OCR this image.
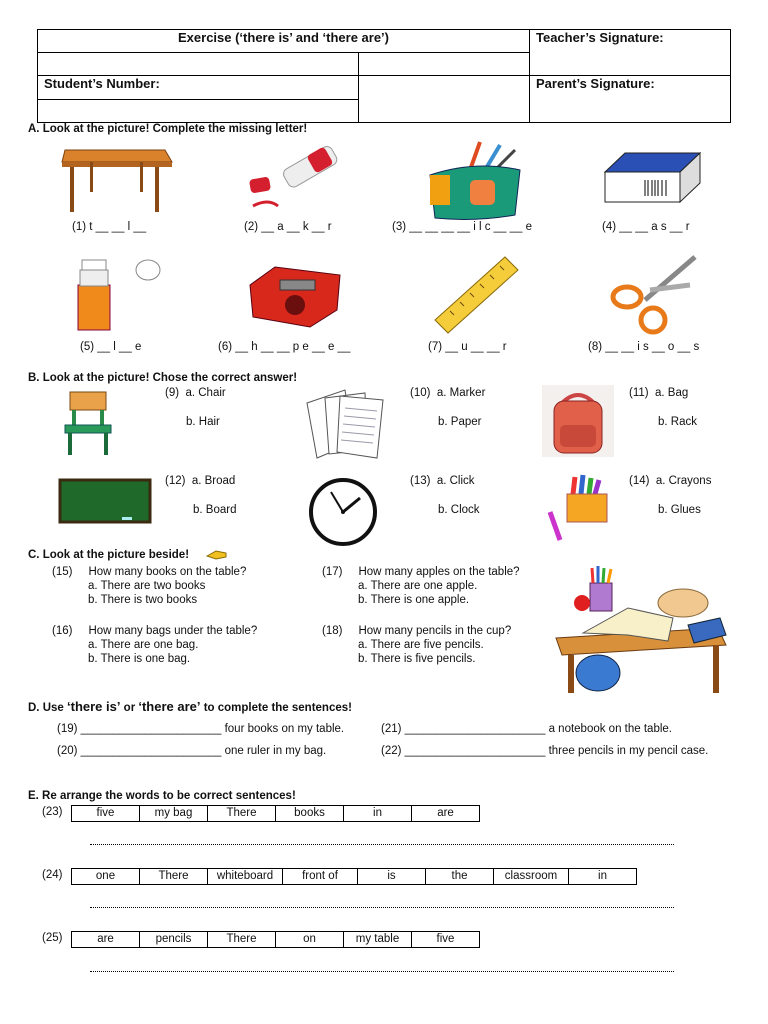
Exercise (‘there is’ and ‘there are’)		Teacher’s Signature:

Student’s Number:		Parent’s Signature:

A. Look at the picture! Complete the missing letter!
(1) t __ __ l __	(2) __ a __ k __ r	(3) __ __ __ __ i l c __ __ e	(4) __ __ a s __ r
(5) __ l __ e	(6) __ h __ __ p e __ e __	(7) __ u __ __ r	(8) __ __ i s __ o __ s
B. Look at the picture! Chose the correct answer!
(9) a. Chair
b. Hair
(10) a. Marker
b. Paper
(11) a. Bag
b. Rack
(12) a. Broad
b. Board
(13) a. Click
b. Clock
(14) a. Crayons
b. Glues
C. Look at the picture beside!
(15) How many books on the table?
a. There are two books
b. There is two books
(17) How many apples on the table?
a. There are one apple.
b. There is one apple.
(16) How many bags under the table?
a. There are one bag.
b. There is one bag.
(18) How many pencils in the cup?
a. There are five pencils.
b. There is five pencils.
D. Use ‘there is’ or ‘there are’ to complete the sentences!
(19) ______________________ four books on my table.	(21) ______________________ a notebook on the table.
(20) ______________________ one ruler in my bag.	(22) ______________________ three pencils in my pencil case.
E. Re arrange the words to be correct sentences!
(23)	five	my bag	There	books	in	are
(24)	one	There	whiteboard	front of	is	the	classroom	in
(25)	are	pencils	There	on	my table	five
